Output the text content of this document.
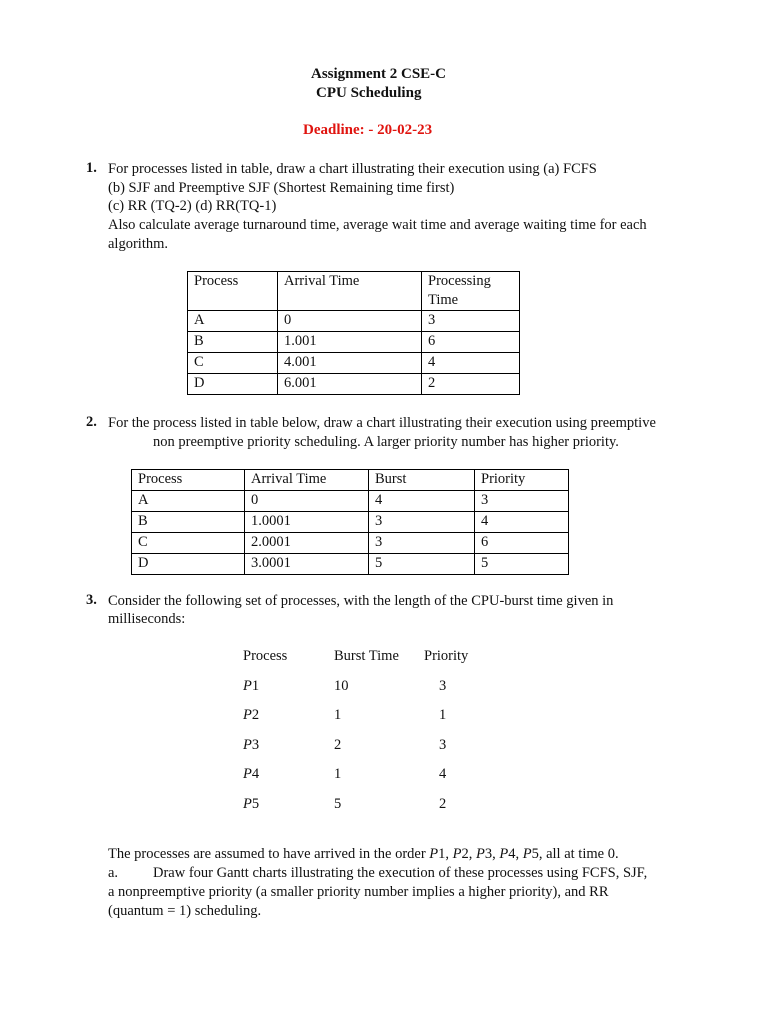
Assignment 2 CSE-C
CPU Scheduling
Deadline: - 20-02-23
1. For processes listed in table, draw a chart illustrating their execution using (a) FCFS
(b) SJF and Preemptive SJF (Shortest Remaining time first)
(c) RR (TQ-2) (d) RR(TQ-1)
Also calculate average turnaround time, average wait time and average waiting time for each
algorithm.
Process	Arrival Time	Processing
Time
A	0	3
B	1.001	6
C	4.001	4
D	6.001	2
2. For the process listed in table below, draw a chart illustrating their execution using preemptive
non preemptive priority scheduling. A larger priority number has higher priority.
Process	Arrival Time	Burst	Priority
A	0	4	3
B	1.0001	3	4
C	2.0001	3	6
D	3.0001	5	5
3. Consider the following set of processes, with the length of the CPU-burst time given in
milliseconds:
Process	Burst Time	Priority
P1	10	3
P2	1	1
P3	2	3
P4	1	4
P5	5	2
The processes are assumed to have arrived in the order P1, P2, P3, P4, P5, all at time 0.
a. Draw four Gantt charts illustrating the execution of these processes using FCFS, SJF,
a nonpreemptive priority (a smaller priority number implies a higher priority), and RR
(quantum = 1) scheduling.
